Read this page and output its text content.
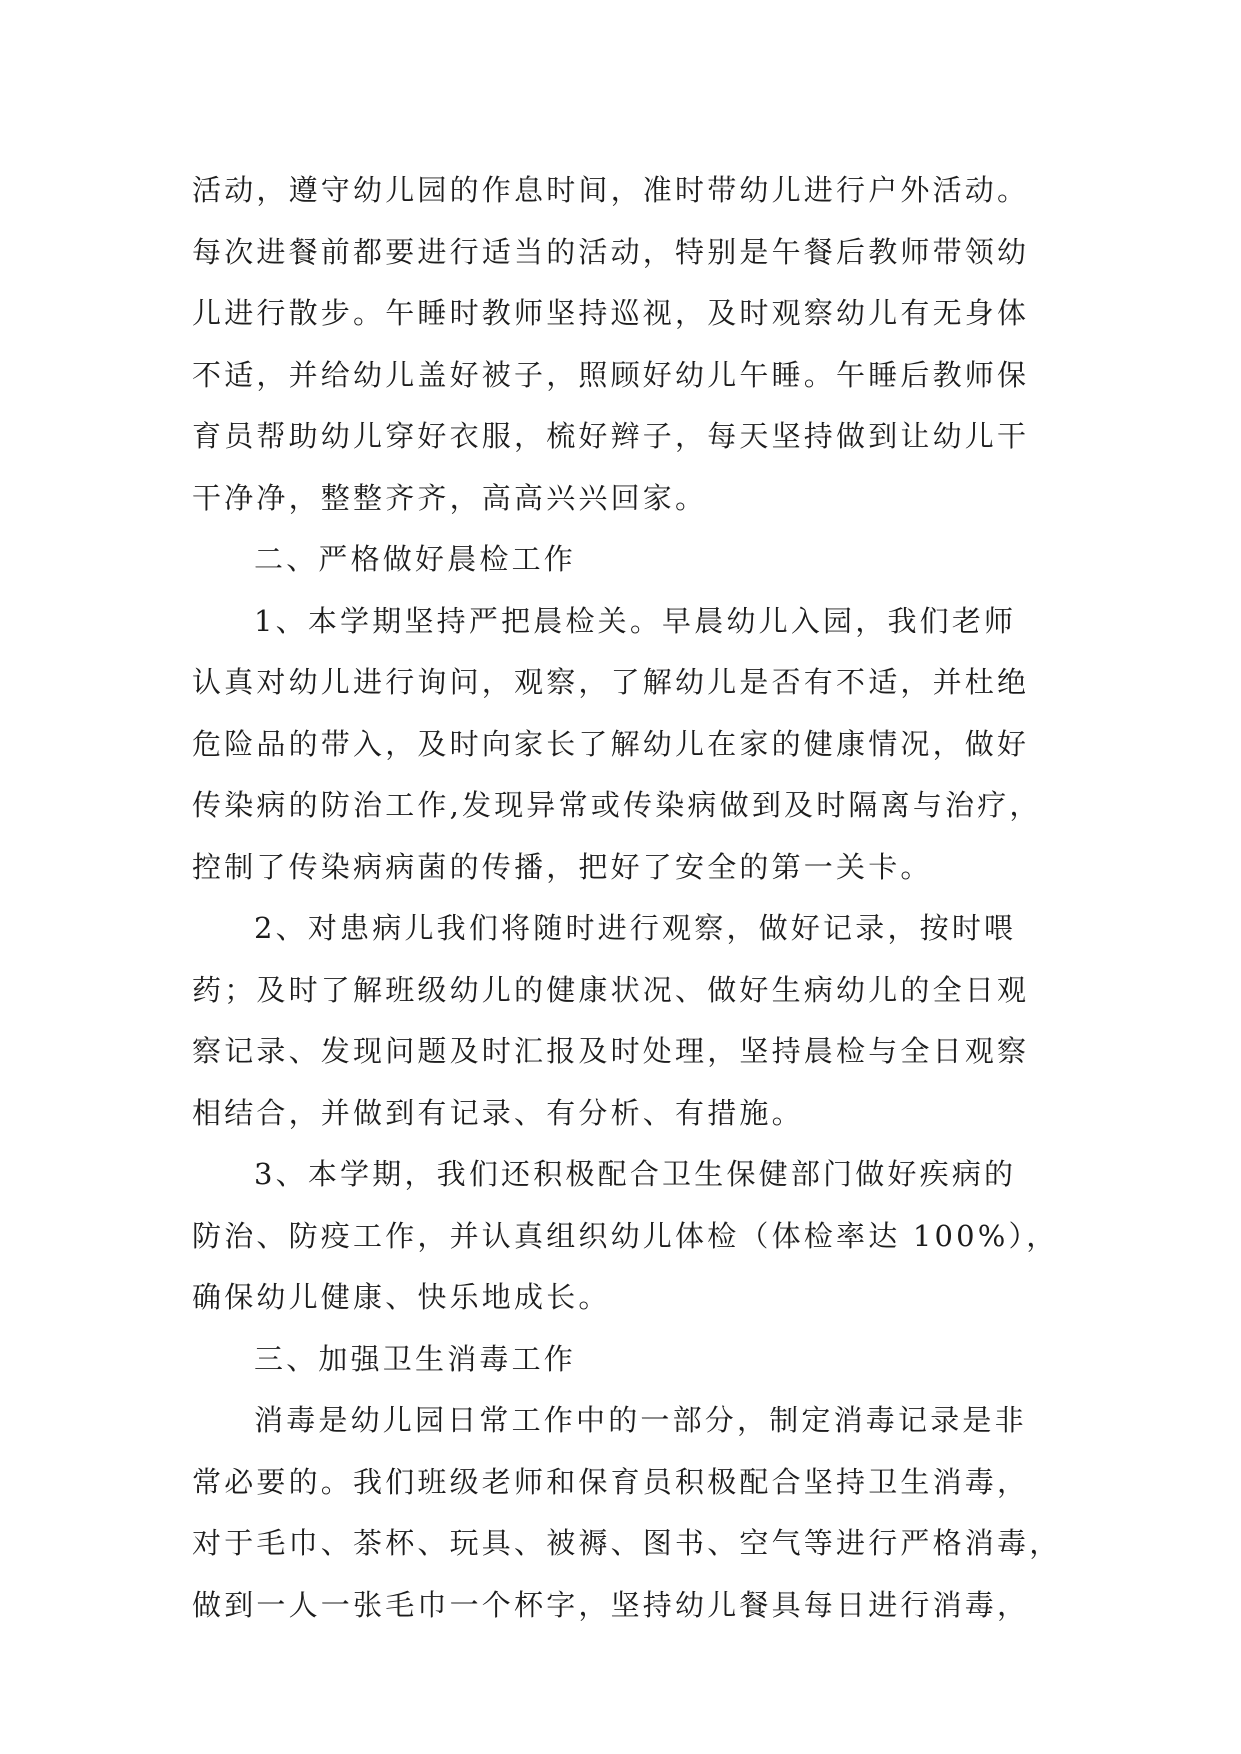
活动，遵守幼儿园的作息时间，准时带幼儿进行户外活动。
每次进餐前都要进行适当的活动，特别是午餐后教师带领幼
儿进行散步。午睡时教师坚持巡视，及时观察幼儿有无身体
不适，并给幼儿盖好被子，照顾好幼儿午睡。午睡后教师保
育员帮助幼儿穿好衣服，梳好辫子，每天坚持做到让幼儿干
干净净，整整齐齐，高高兴兴回家。
二、严格做好晨检工作
1、本学期坚持严把晨检关。早晨幼儿入园，我们老师
认真对幼儿进行询问，观察，了解幼儿是否有不适，并杜绝
危险品的带入，及时向家长了解幼儿在家的健康情况，做好
传染病的防治工作,发现异常或传染病做到及时隔离与治疗，
控制了传染病病菌的传播，把好了安全的第一关卡。
2、对患病儿我们将随时进行观察，做好记录，按时喂
药；及时了解班级幼儿的健康状况、做好生病幼儿的全日观
察记录、发现问题及时汇报及时处理，坚持晨检与全日观察
相结合，并做到有记录、有分析、有措施。
3、本学期，我们还积极配合卫生保健部门做好疾病的
防治、防疫工作，并认真组织幼儿体检（体检率达 100%），
确保幼儿健康、快乐地成长。
三、加强卫生消毒工作
消毒是幼儿园日常工作中的一部分，制定消毒记录是非
常必要的。我们班级老师和保育员积极配合坚持卫生消毒，
对于毛巾、茶杯、玩具、被褥、图书、空气等进行严格消毒，
做到一人一张毛巾一个杯字，坚持幼儿餐具每日进行消毒，
